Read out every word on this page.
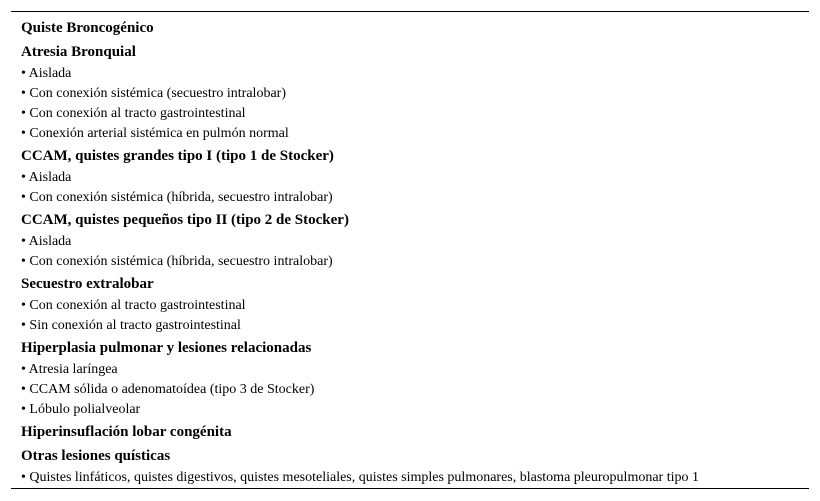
Quiste Broncogénico
Atresia Bronquial
• Aislada
• Con conexión sistémica (secuestro intralobar)
• Con conexión al tracto gastrointestinal
• Conexión arterial sistémica en pulmón normal
CCAM, quistes grandes tipo I (tipo 1 de Stocker)
• Aislada
• Con conexión sistémica (híbrida, secuestro intralobar)
CCAM, quistes pequeños tipo II (tipo 2 de Stocker)
• Aislada
• Con conexión sistémica (híbrida, secuestro intralobar)
Secuestro extralobar
• Con conexión al tracto gastrointestinal
• Sin conexión al tracto gastrointestinal
Hiperplasia pulmonar y lesiones relacionadas
• Atresia laríngea
• CCAM sólida o adenomatoídea (tipo 3 de Stocker)
• Lóbulo polialveolar
Hiperinsuflación lobar congénita
Otras lesiones quísticas
• Quistes linfáticos, quistes digestivos, quistes mesoteliales, quistes simples pulmonares, blastoma pleuropulmonar tipo 1
